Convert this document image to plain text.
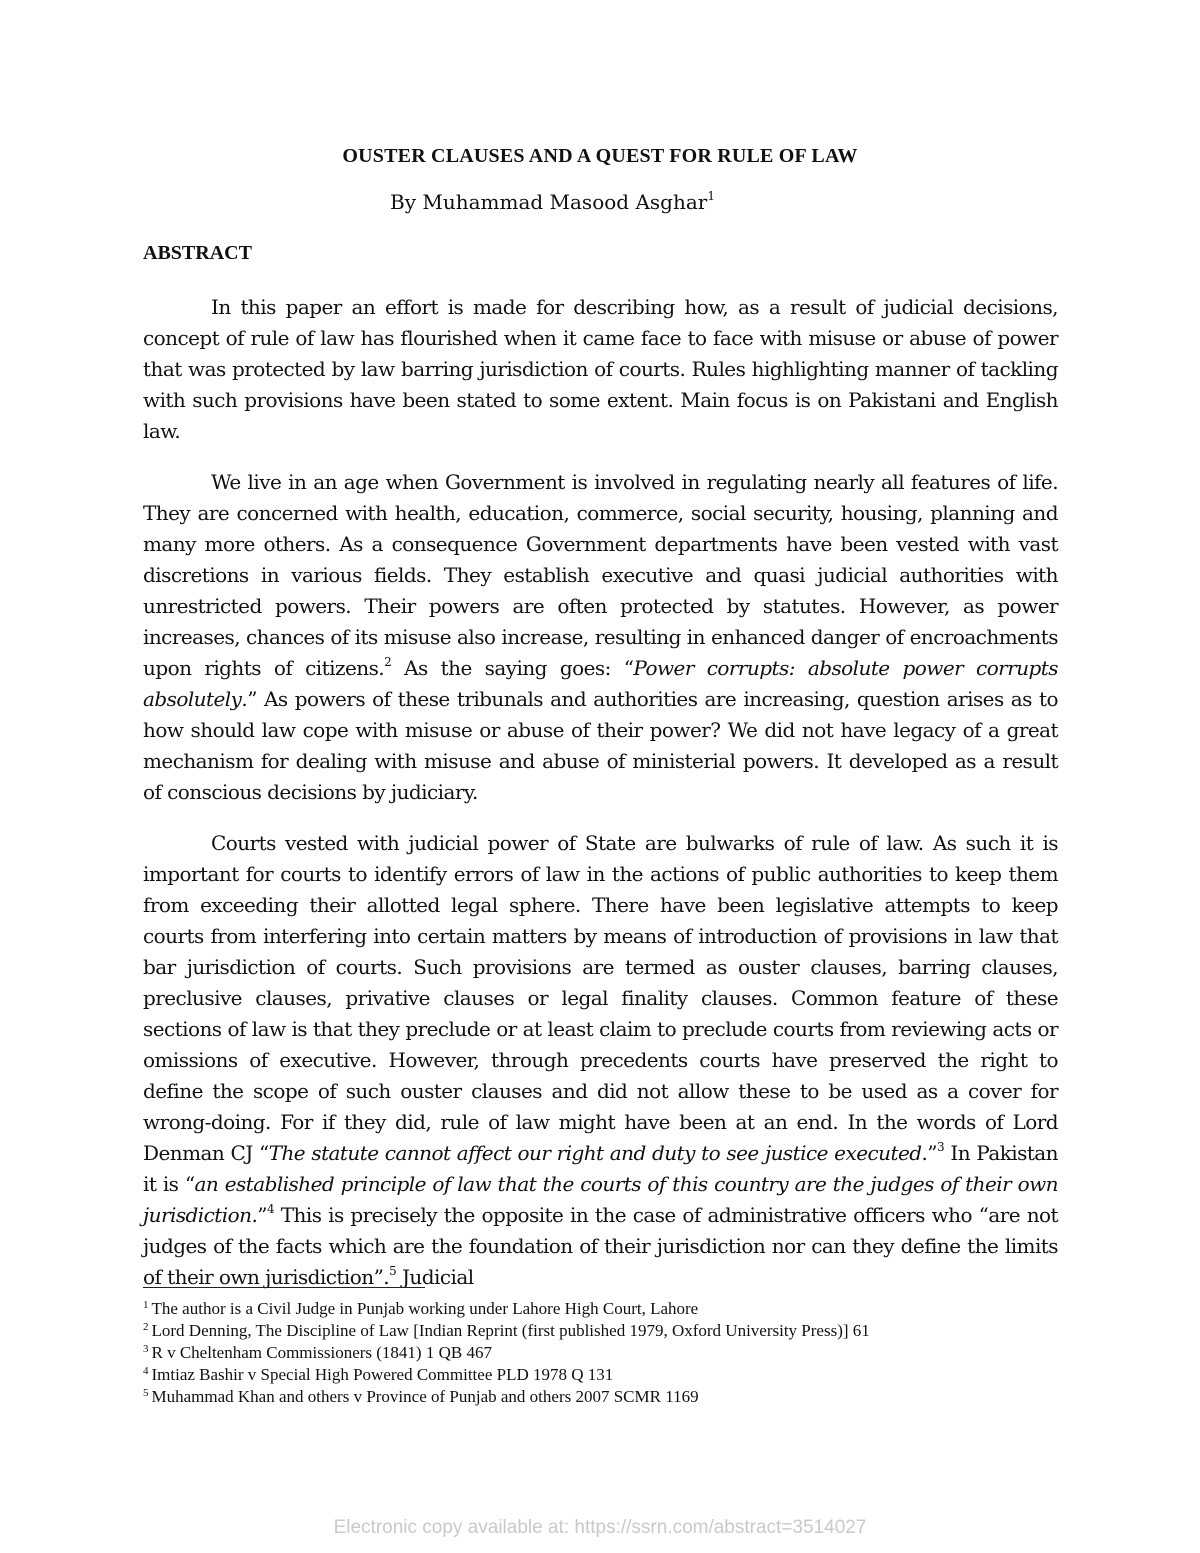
OUSTER CLAUSES AND A QUEST FOR RULE OF LAW
By Muhammad Masood Asghar$^1$
ABSTRACT

In this paper an effort is made for describing how, as a result of judicial decisions, concept of rule of law has flourished when it came face to face with misuse or abuse of power that was protected by law barring jurisdiction of courts. Rules highlighting manner of tackling with such provisions have been stated to some extent. Main focus is on Pakistani and English law.

We live in an age when Government is involved in regulating nearly all features of life. They are concerned with health, education, commerce, social security, housing, planning and many more others. As a consequence Government departments have been vested with vast discretions in various fields. They establish executive and quasi judicial authorities with unrestricted powers. Their powers are often protected by statutes. However, as power increases, chances of its misuse also increase, resulting in enhanced danger of encroachments upon rights of citizens.$^2$ As the saying goes: “Power corrupts: absolute power corrupts absolutely.” As powers of these tribunals and authorities are increasing, question arises as to how should law cope with misuse or abuse of their power? We did not have legacy of a great mechanism for dealing with misuse and abuse of ministerial powers. It developed as a result of conscious decisions by judiciary.

Courts vested with judicial power of State are bulwarks of rule of law. As such it is important for courts to identify errors of law in the actions of public authorities to keep them from exceeding their allotted legal sphere. There have been legislative attempts to keep courts from interfering into certain matters by means of introduction of provisions in law that bar jurisdiction of courts. Such provisions are termed as ouster clauses, barring clauses, preclusive clauses, privative clauses or legal finality clauses. Common feature of these sections of law is that they preclude or at least claim to preclude courts from reviewing acts or omissions of executive. However, through precedents courts have preserved the right to define the scope of such ouster clauses and did not allow these to be used as a cover for wrong-doing. For if they did, rule of law might have been at an end. In the words of Lord Denman CJ “The statute cannot affect our right and duty to see justice executed.”$^3$ In Pakistan it is “an established principle of law that the courts of this country are the judges of their own jurisdiction.”$^4$ This is precisely the opposite in the case of administrative officers who “are not judges of the facts which are the foundation of their jurisdiction nor can they define the limits of their own jurisdiction”.$^5$ Judicial

$^1$ The author is a Civil Judge in Punjab working under Lahore High Court, Lahore
$^2$ Lord Denning, The Discipline of Law [Indian Reprint (first published 1979, Oxford University Press)] 61
$^3$ R v Cheltenham Commissioners (1841) 1 QB 467
$^4$ Imtiaz Bashir v Special High Powered Committee PLD 1978 Q 131
$^5$ Muhammad Khan and others v Province of Punjab and others 2007 SCMR 1169
Electronic copy available at: https://ssrn.com/abstract=3514027
